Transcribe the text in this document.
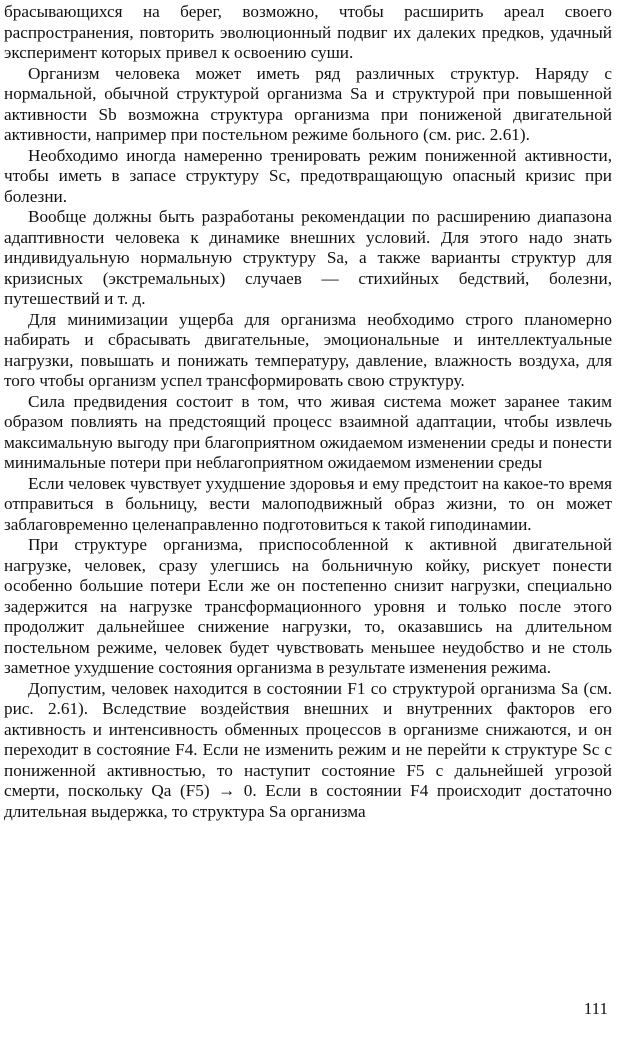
брасывающихся на берег, возможно, чтобы расширить ареал своего распространения, повторить эволюционный подвиг их далеких предков, удачный эксперимент которых привел к освоению суши.

Организм человека может иметь ряд различных структур. Наряду с нормальной, обычной структурой организма Sa и структурой при повышенной активности Sb возможна структура организма при пониженой двигательной активности, например при постельном режиме больного (см. рис. 2.61).

Необходимо иногда намеренно тренировать режим пониженной активности, чтобы иметь в запасе структуру Sc, предотвращающую опасный кризис при болезни.

Вообще должны быть разработаны рекомендации по расширению диапазона адаптивности человека к динамике внешних условий. Для этого надо знать индивидуальную нормальную структуру Sa, а также варианты структур для кризисных (экстремальных) случаев — стихийных бедствий, болезни, путешествий и т. д.

Для минимизации ущерба для организма необходимо строго планомерно набирать и сбрасывать двигательные, эмоциональные и интеллектуальные нагрузки, повышать и понижать температуру, давление, влажность воздуха, для того чтобы организм успел трансформировать свою структуру.

Сила предвидения состоит в том, что живая система может заранее таким образом повлиять на предстоящий процесс взаимной адаптации, чтобы извлечь максимальную выгоду при благоприятном ожидаемом изменении среды и понести минимальные потери при неблагоприятном ожидаемом изменении среды

Если человек чувствует ухудшение здоровья и ему предстоит на какое-то время отправиться в больницу, вести малоподвижный образ жизни, то он может заблаговременно целенаправленно подготовиться к такой гиподинамии.

При структуре организма, приспособленной к активной двигательной нагрузке, человек, сразу улегшись на больничную койку, рискует понести особенно большие потери Если же он постепенно снизит нагрузки, специально задержится на нагрузке трансформационного уровня и только после этого продолжит дальнейшее снижение нагрузки, то, оказавшись на длительном постельном режиме, человек будет чувствовать меньшее неудобство и не столь заметное ухудшение состояния организма в результате изменения режима.

Допустим, человек находится в состоянии F1 со структурой организма Sa (см. рис. 2.61). Вследствие воздействия внешних и внутренних факторов его активность и интенсивность обменных процессов в организме снижаются, и он переходит в состояние F4. Если не изменить режим и не перейти к структуре Sc с пониженной активностью, то наступит состояние F5 с дальнейшей угрозой смерти, поскольку Qa (F5) → 0. Если в состоянии F4 происходит достаточно длительная выдержка, то структура Sa организма

111
